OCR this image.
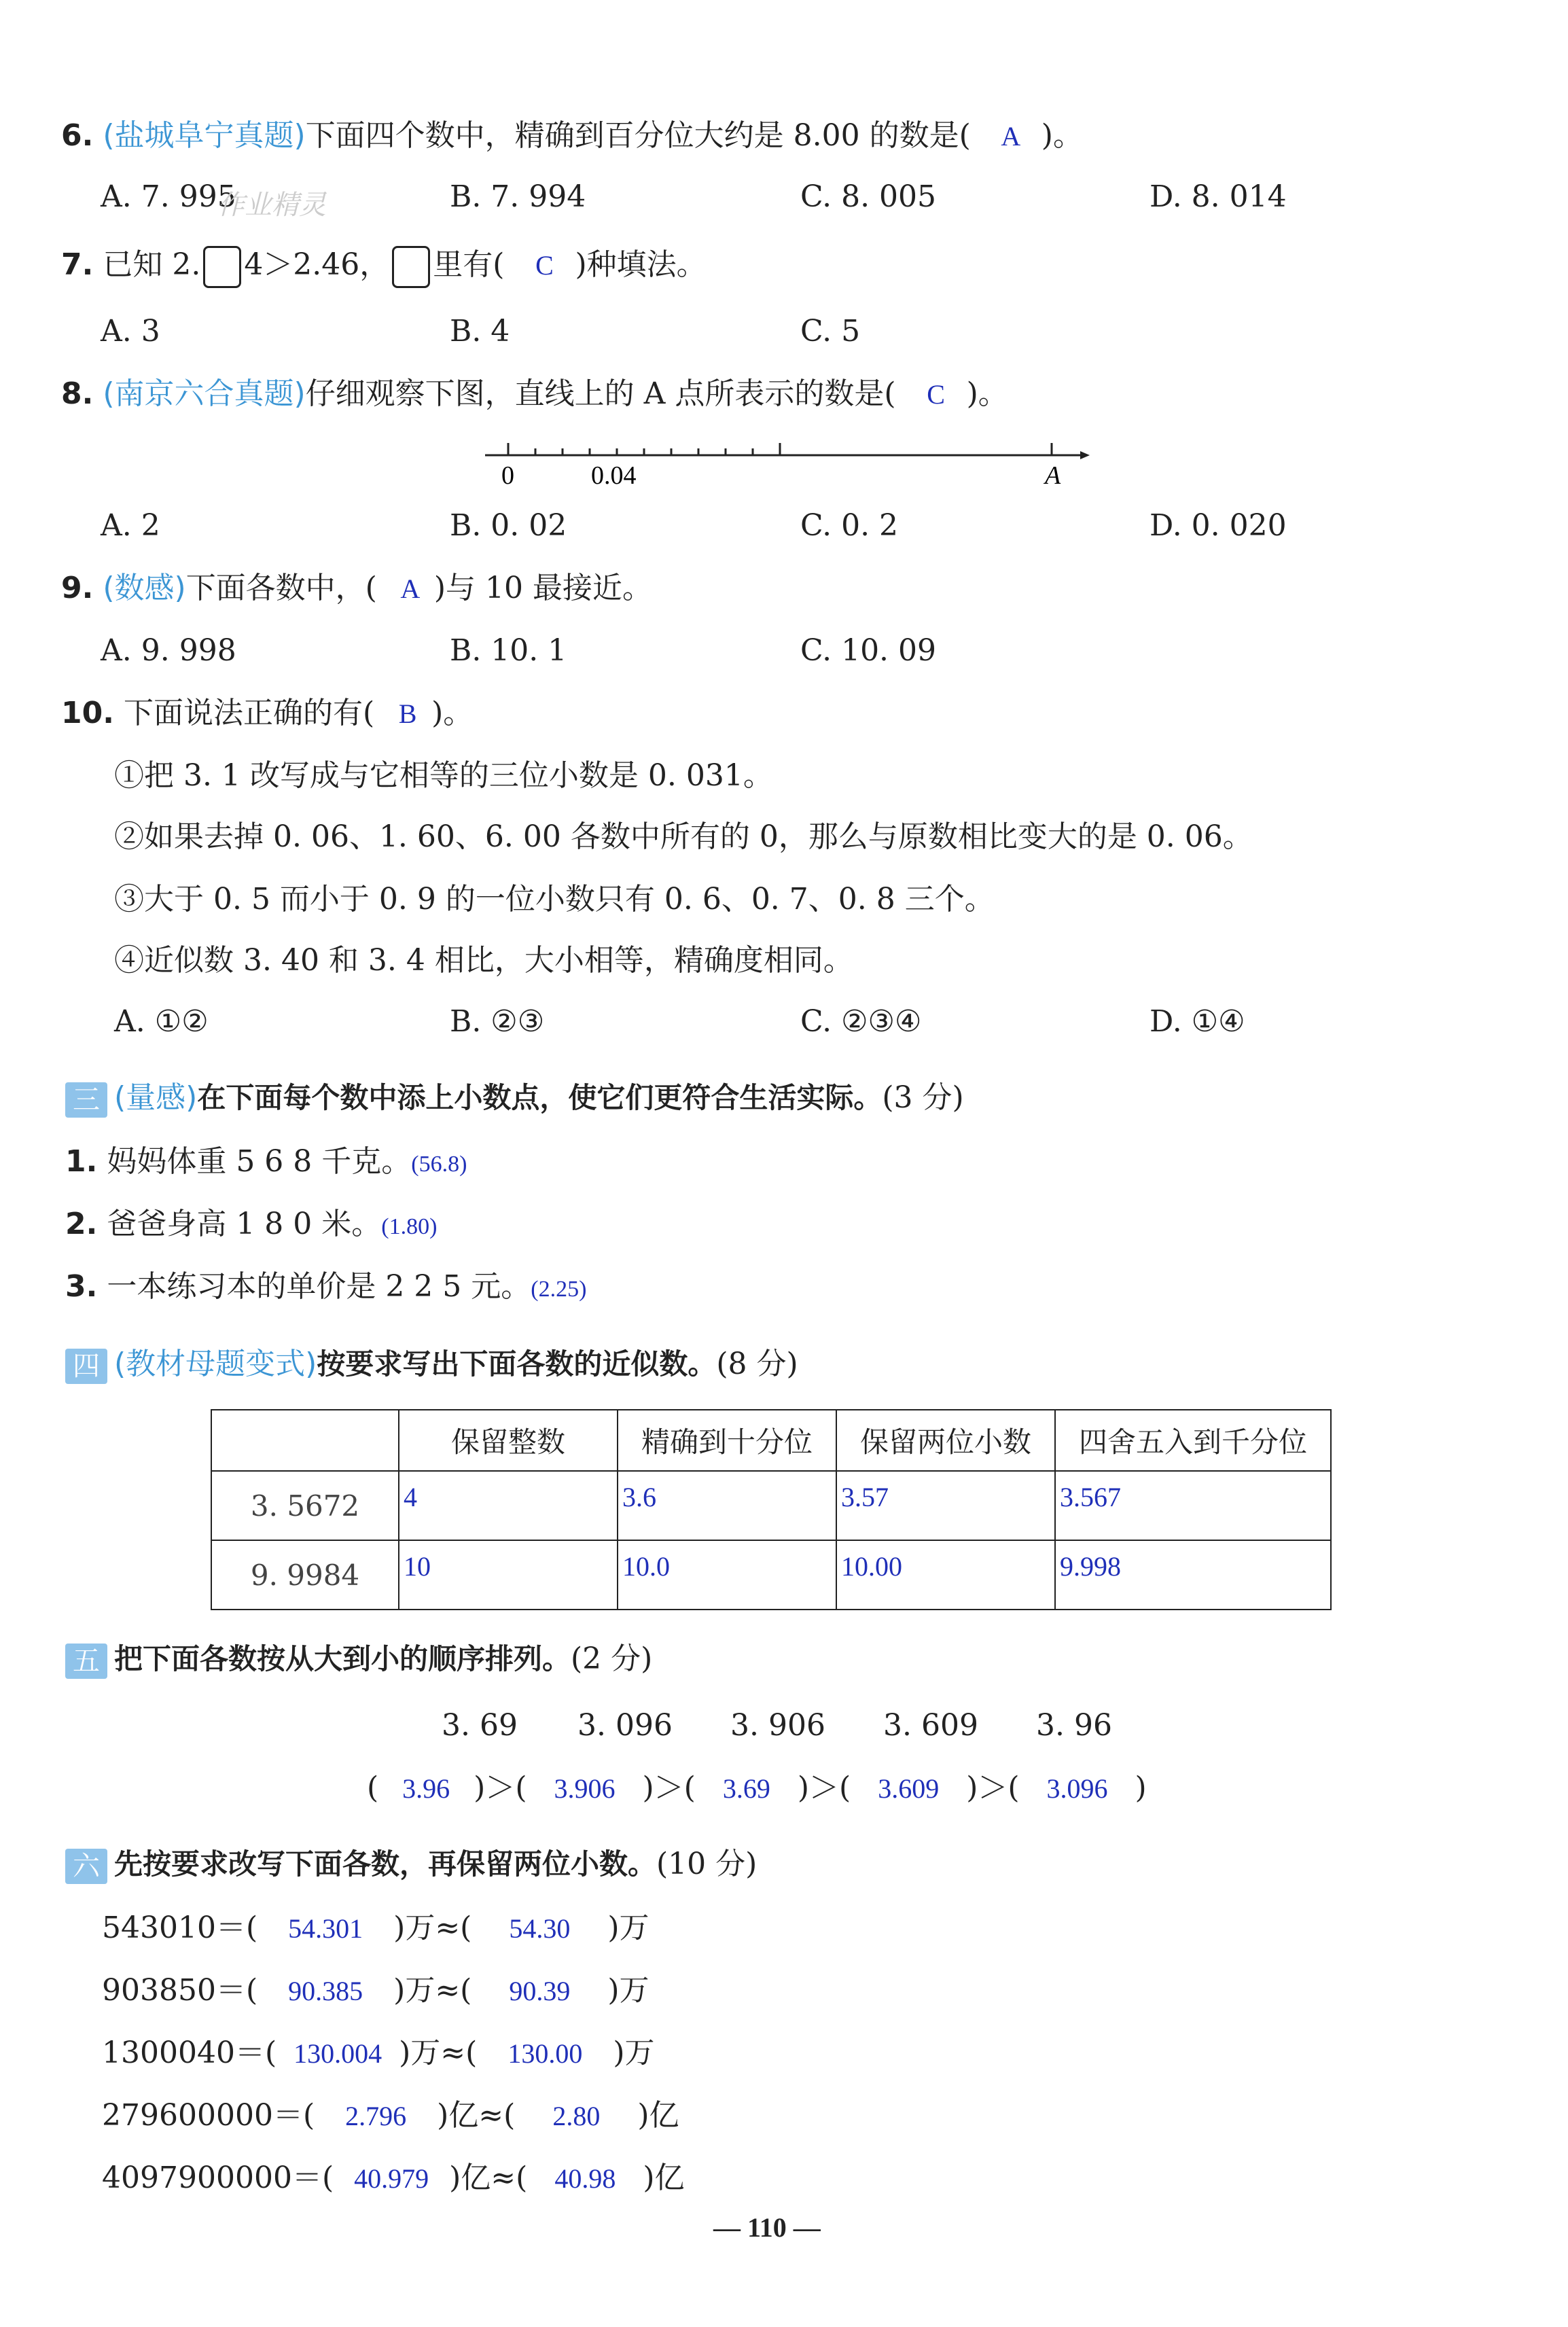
6. (盐城阜宁真题)下面四个数中，精确到百分位大约是 8.00 的数是( A )。
A. 7. 995
作业精灵	B. 7. 994	C. 8. 005	D. 8. 014
7. 已知 2. 4＞2.46， 里有( C )种填法。
A. 3	B. 4	C. 5
8. (南京六合真题)仔细观察下图，直线上的 A 点所表示的数是( C )。
0	0.04	A
A. 2	B. 0. 02	C. 0. 2	D. 0. 020
9. (数感)下面各数中，( A )与 10 最接近。
A. 9. 998	B. 10. 1	C. 10. 09
10. 下面说法正确的有( B )。
①把 3. 1 改写成与它相等的三位小数是 0. 031。
②如果去掉 0. 06、1. 60、6. 00 各数中所有的 0，那么与原数相比变大的是 0. 06。
③大于 0. 5 而小于 0. 9 的一位小数只有 0. 6、0. 7、0. 8 三个。
④近似数 3. 40 和 3. 4 相比，大小相等，精确度相同。
A. ①②	B. ②③	C. ②③④	D. ①④
三 (量感)在下面每个数中添上小数点，使它们更符合生活实际。(3 分)
1. 妈妈体重 5 6 8 千克。(56.8)
2. 爸爸身高 1 8 0 米。(1.80)
3. 一本练习本的单价是 2 2 5 元。(2.25)
四 (教材母题变式)按要求写出下面各数的近似数。(8 分)
	保留整数	精确到十分位	保留两位小数	四舍五入到千分位
3. 5672	4	3.6	3.57	3.567
9. 9984	10	10.0	10.00	9.998
五 把下面各数按从大到小的顺序排列。(2 分)
3. 69 3. 096 3. 906 3. 609 3. 96
( 3.96 )＞( 3.906 )＞( 3.69 )＞( 3.609 )＞( 3.096 )
六 先按要求改写下面各数，再保留两位小数。(10 分)
543010＝( 54.301 )万≈( 54.30 )万
903850＝( 90.385 )万≈( 90.39 )万
1300040＝( 130.004 )万≈( 130.00 )万
279600000＝( 2.796 )亿≈( 2.80 )亿
4097900000＝( 40.979 )亿≈( 40.98 )亿
— 110 —
